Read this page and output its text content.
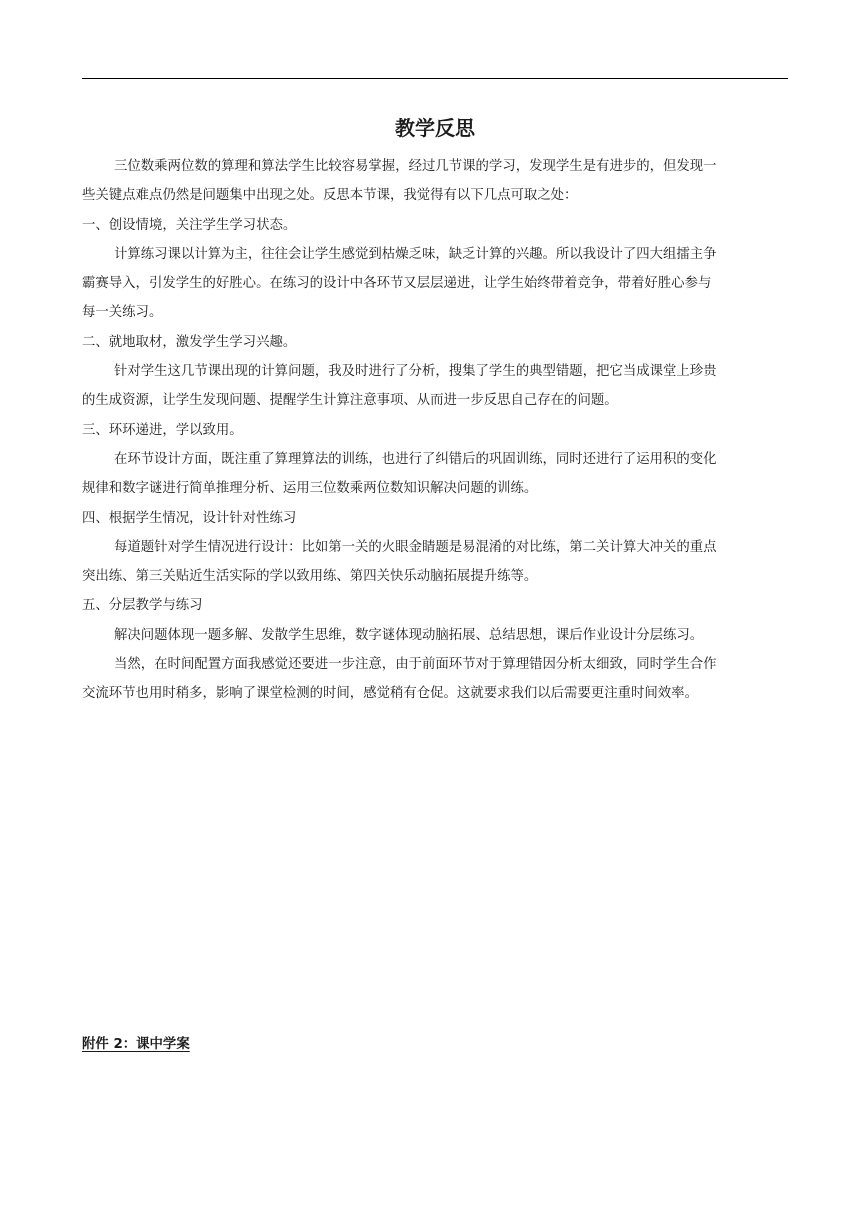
教学反思
三位数乘两位数的算理和算法学生比较容易掌握，经过几节课的学习，发现学生是有进步的，但发现一
些关键点难点仍然是问题集中出现之处。反思本节课，我觉得有以下几点可取之处：
一、创设情境，关注学生学习状态。
计算练习课以计算为主，往往会让学生感觉到枯燥乏味，缺乏计算的兴趣。所以我设计了四大组擂主争
霸赛导入，引发学生的好胜心。在练习的设计中各环节又层层递进，让学生始终带着竞争，带着好胜心参与
每一关练习。
二、就地取材，激发学生学习兴趣。
针对学生这几节课出现的计算问题，我及时进行了分析，搜集了学生的典型错题，把它当成课堂上珍贵
的生成资源，让学生发现问题、提醒学生计算注意事项、从而进一步反思自己存在的问题。
三、环环递进，学以致用。
在环节设计方面，既注重了算理算法的训练，也进行了纠错后的巩固训练，同时还进行了运用积的变化
规律和数字谜进行简单推理分析、运用三位数乘两位数知识解决问题的训练。
四、根据学生情况，设计针对性练习
每道题针对学生情况进行设计：比如第一关的火眼金睛题是易混淆的对比练，第二关计算大冲关的重点
突出练、第三关贴近生活实际的学以致用练、第四关快乐动脑拓展提升练等。
五、分层教学与练习
解决问题体现一题多解、发散学生思维，数字谜体现动脑拓展、总结思想，课后作业设计分层练习。
当然，在时间配置方面我感觉还要进一步注意，由于前面环节对于算理错因分析太细致，同时学生合作
交流环节也用时稍多，影响了课堂检测的时间，感觉稍有仓促。这就要求我们以后需要更注重时间效率。
附件 2：课中学案
